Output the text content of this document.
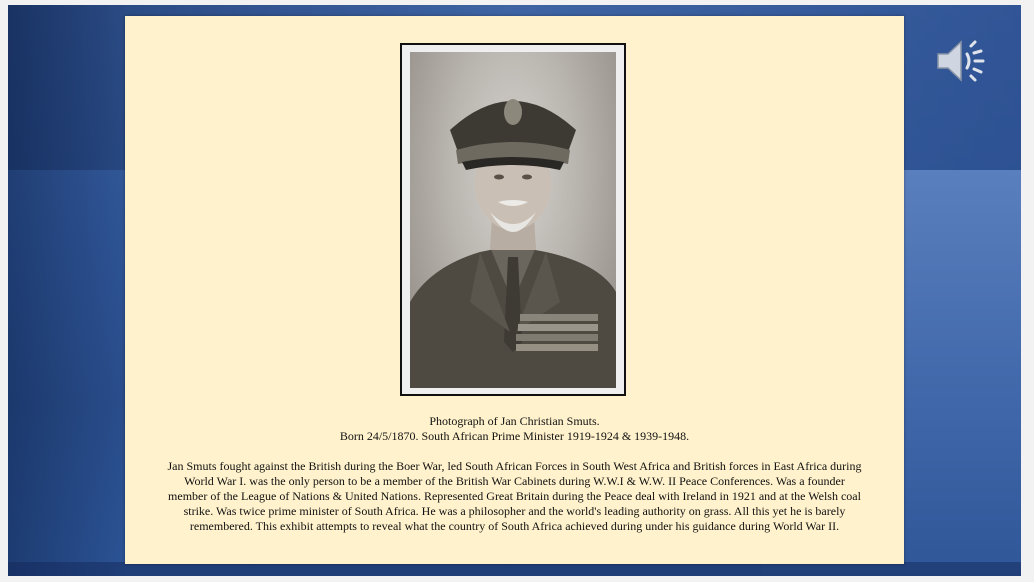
Photograph of Jan Christian Smuts.
Born 24/5/1870. South African Prime Minister 1919-1924 & 1939-1948.
Jan Smuts fought against the British during the Boer War, led South African Forces in South West Africa and British forces in East Africa during
World War I. was the only person to be a member of the British War Cabinets during W.W.I & W.W. II Peace Conferences. Was a founder
member of the League of Nations & United Nations. Represented Great Britain during the Peace deal with Ireland in 1921 and at the Welsh coal
strike. Was twice prime minister of South Africa. He was a philosopher and the world's leading authority on grass. All this yet he is barely
remembered. This exhibit attempts to reveal what the country of South Africa achieved during under his guidance during World War II.
